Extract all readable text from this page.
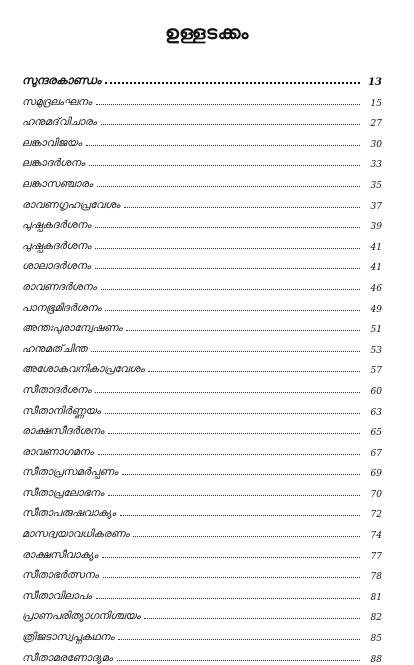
ഉള്ളടക്കം
സുന്ദരകാണ്ഡം	13
സമുദ്രലംഘനം	15
ഹനുമദ്‌വിചാരം	27
ലങ്കാവിജയം	30
ലങ്കാദർശനം	33
ലങ്കാസഞ്ചാരം	35
രാവണഗൃഹപ്രവേശം	37
പുഷ്പകദർശനം	39
പുഷ്പകദർശനം	41
ശാലാദർശനം	41
രാവണദർശനം	46
പാനഭൂമിദർശനം	49
അന്തഃപുരാന്വേഷണം	51
ഹനുമത്‌ചിന്ത	53
അശോകവനികാപ്രവേശം	57
സീതാദർശനം	60
സീതാനിർണ്ണയം	63
രാക്ഷസീദർശനം	65
രാവണാഗമനം	67
സീതാപ്രസമർപ്പണം	69
സീതാപ്രലോഭനം	70
സീതാപരുഷവാക്യം	72
മാസദ്വയാവധികരണം	74
രാക്ഷസീവാക്യം	77
സീതാഭർത്സനം	78
സീതാവിലാപം	81
പ്രാണപരിത്യാഗനിശ്ചയം	82
ത്രിജടാസ്വപ്നകഥനം	85
സീതാമരണോദ്യമം	88
